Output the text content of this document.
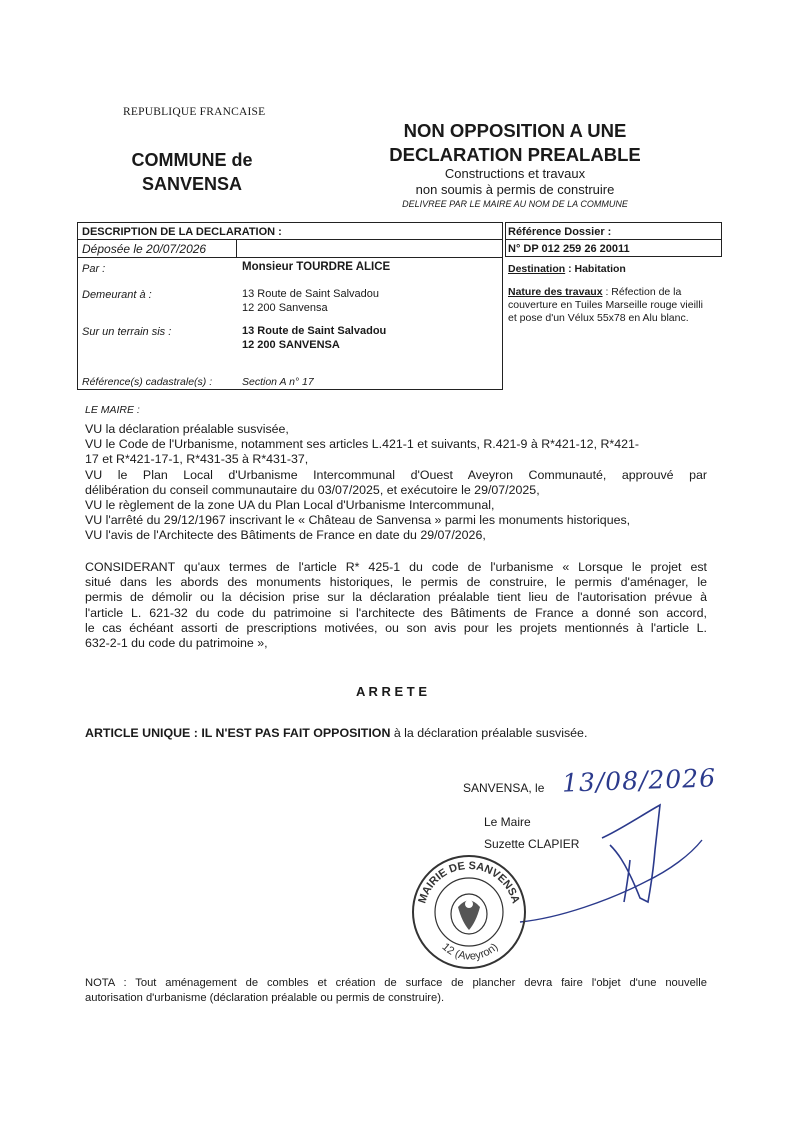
REPUBLIQUE FRANCAISE
COMMUNE de
SANVENSA
NON OPPOSITION A UNE
DECLARATION PREALABLE
Constructions et travaux
non soumis à permis de construire
DELIVREE PAR LE MAIRE AU NOM DE LA COMMUNE
DESCRIPTION DE LA DECLARATION :
Déposée le 20/07/2026
Référence Dossier :
N° DP 012 259 26 20011
Par :	Monsieur TOURDRE ALICE
Demeurant à :	13 Route de Saint Salvadou
12 200 Sanvensa
Sur un terrain sis :	13 Route de Saint Salvadou
12 200 SANVENSA
Référence(s) cadastrale(s) :	Section A n° 17
Destination : Habitation
Nature des travaux : Réfection de la
couverture en Tuiles Marseille rouge vieilli
et pose d'un Vélux 55x78 en Alu blanc.
LE MAIRE :
VU la déclaration préalable susvisée,
VU le Code de l'Urbanisme, notamment ses articles L.421-1 et suivants, R.421-9 à R*421-12, R*421-
17 et R*421-17-1, R*431-35 à R*431-37,
VU le Plan Local d'Urbanisme Intercommunal d'Ouest Aveyron Communauté, approuvé par
délibération du conseil communautaire du 03/07/2025, et exécutoire le 29/07/2025,
VU le règlement de la zone UA du Plan Local d'Urbanisme Intercommunal,
VU l'arrêté du 29/12/1967 inscrivant le « Château de Sanvensa » parmi les monuments historiques,
VU l'avis de l'Architecte des Bâtiments de France en date du 29/07/2026,
CONSIDERANT qu'aux termes de l'article R* 425-1 du code de l'urbanisme « Lorsque le projet est
situé dans les abords des monuments historiques, le permis de construire, le permis d'aménager, le
permis de démolir ou la décision prise sur la déclaration préalable tient lieu de l'autorisation prévue à
l'article L. 621-32 du code du patrimoine si l'architecte des Bâtiments de France a donné son accord,
le cas échéant assorti de prescriptions motivées, ou son avis pour les projets mentionnés à l'article L.
632-2-1 du code du patrimoine »,
A R R E T E
ARTICLE UNIQUE : IL N'EST PAS FAIT OPPOSITION à la déclaration préalable susvisée.
SANVENSA, le 13/08/2026
Le Maire
Suzette CLAPIER
MAIRIE DE SANVENSA
12 (Aveyron)
NOTA : Tout aménagement de combles et création de surface de plancher devra faire l'objet d'une nouvelle
autorisation d'urbanisme (déclaration préalable ou permis de construire).
